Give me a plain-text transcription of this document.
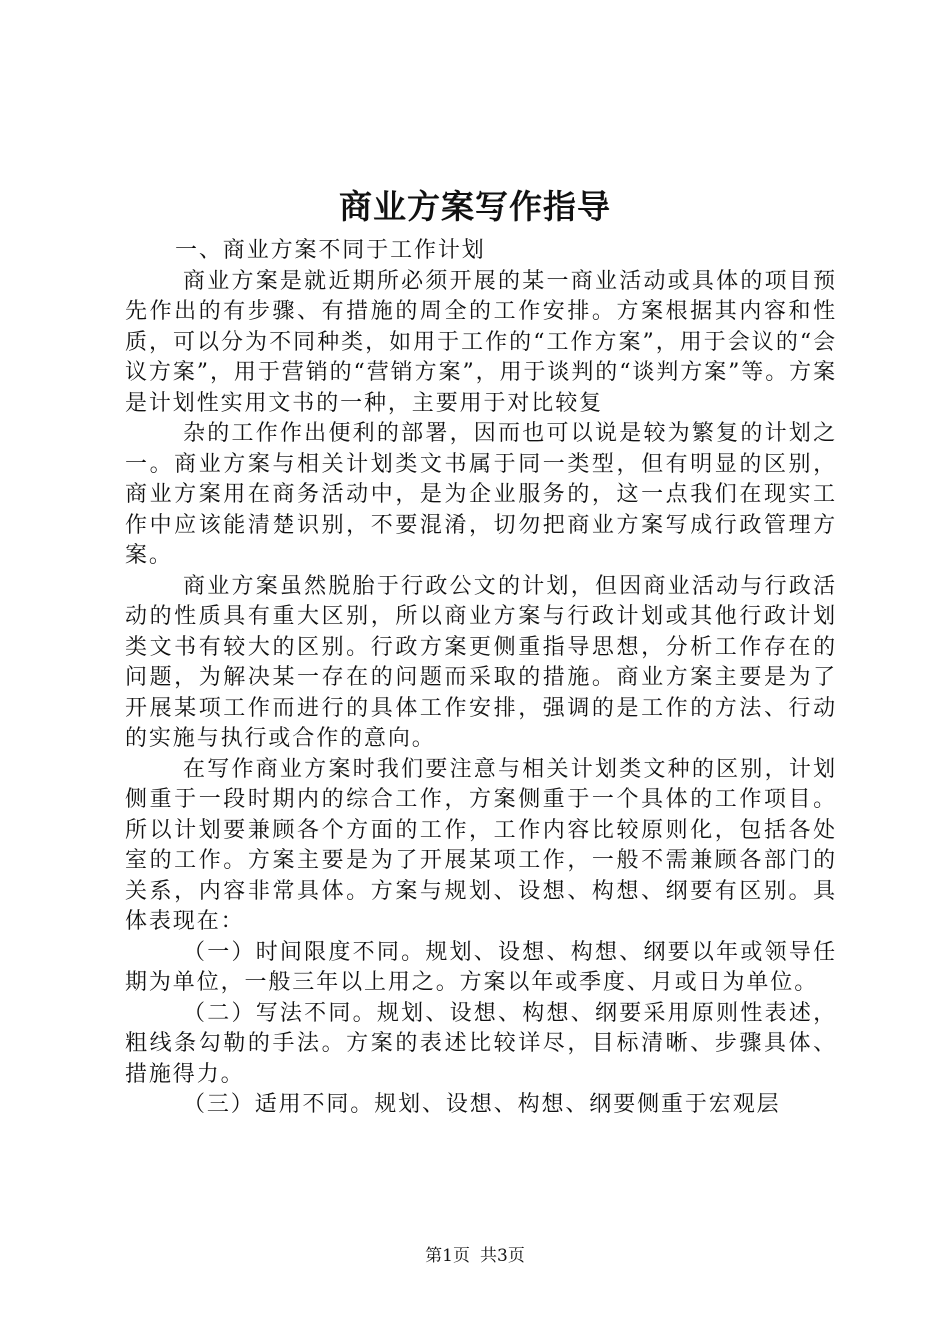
商业方案写作指导

一、商业方案不同于工作计划

商业方案是就近期所必须开展的某一商业活动或具体的项目预先作出的有步骤、有措施的周全的工作安排。方案根据其内容和性质，可以分为不同种类，如用于工作的“工作方案”，用于会议的“会议方案”，用于营销的“营销方案”，用于谈判的“谈判方案”等。方案是计划性实用文书的一种，主要用于对比较复

杂的工作作出便利的部署，因而也可以说是较为繁复的计划之一。商业方案与相关计划类文书属于同一类型，但有明显的区别，商业方案用在商务活动中，是为企业服务的，这一点我们在现实工作中应该能清楚识别，不要混淆，切勿把商业方案写成行政管理方案。

商业方案虽然脱胎于行政公文的计划，但因商业活动与行政活动的性质具有重大区别，所以商业方案与行政计划或其他行政计划类文书有较大的区别。行政方案更侧重指导思想，分析工作存在的问题，为解决某一存在的问题而采取的措施。商业方案主要是为了开展某项工作而进行的具体工作安排，强调的是工作的方法、行动的实施与执行或合作的意向。

在写作商业方案时我们要注意与相关计划类文种的区别，计划侧重于一段时期内的综合工作，方案侧重于一个具体的工作项目。所以计划要兼顾各个方面的工作，工作内容比较原则化，包括各处室的工作。方案主要是为了开展某项工作，一般不需兼顾各部门的关系，内容非常具体。方案与规划、设想、构想、纲要有区别。具体表现在：

（一）时间限度不同。规划、设想、构想、纲要以年或领导任期为单位，一般三年以上用之。方案以年或季度、月或日为单位。

（二）写法不同。规划、设想、构想、纲要采用原则性表述，粗线条勾勒的手法。方案的表述比较详尽，目标清晰、步骤具体、措施得力。

（三）适用不同。规划、设想、构想、纲要侧重于宏观层

第1页 共3页
